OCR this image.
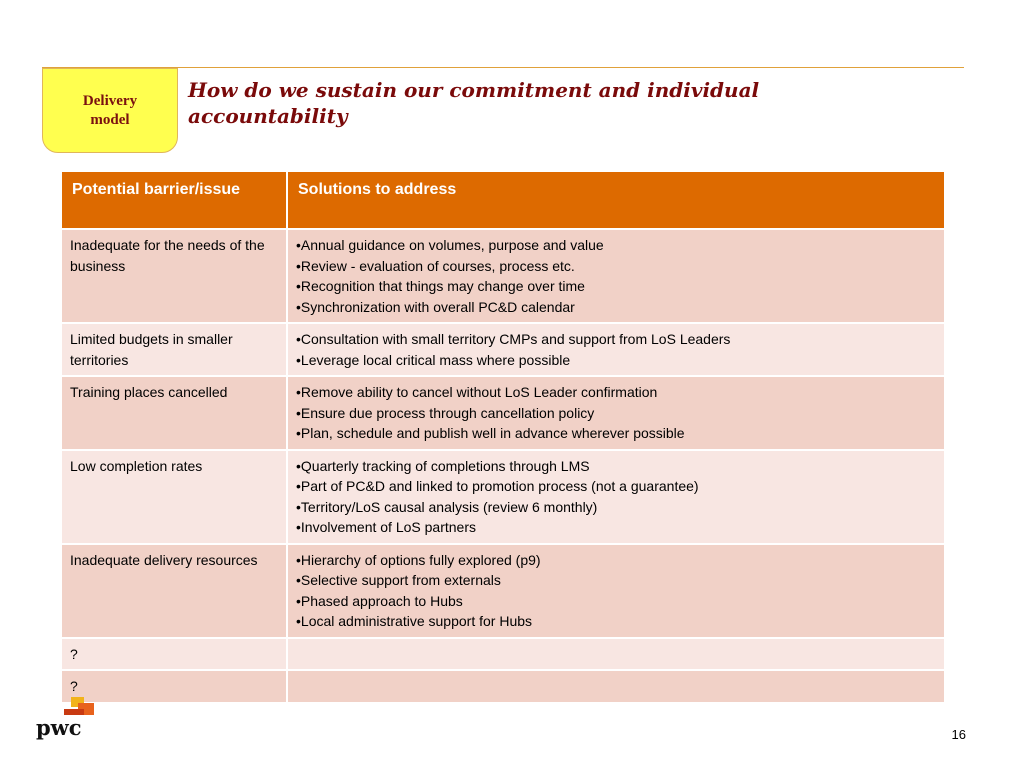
Delivery model
How do we sustain our commitment and individual accountability
Potential barrier/issue	Solutions to address
Inadequate for the needs of the business	•Annual guidance on volumes, purpose and value
•Review - evaluation of courses, process etc.
•Recognition that things may change over time
•Synchronization with overall PC&D calendar

Limited budgets in smaller territories	•Consultation with small territory CMPs and support from LoS Leaders
•Leverage local critical mass where possible

Training places cancelled	•Remove ability to cancel without LoS Leader confirmation
•Ensure due process through cancellation policy
•Plan, schedule and publish well in advance wherever possible

Low completion rates	•Quarterly tracking of completions through LMS
•Part of PC&D and linked to promotion process (not a guarantee)
•Territory/LoS causal analysis (review 6 monthly)
•Involvement of LoS partners

Inadequate delivery resources	•Hierarchy of options fully explored (p9)
•Selective support from externals
•Phased approach to Hubs
•Local administrative support for Hubs

?	
?	
pwc	16
